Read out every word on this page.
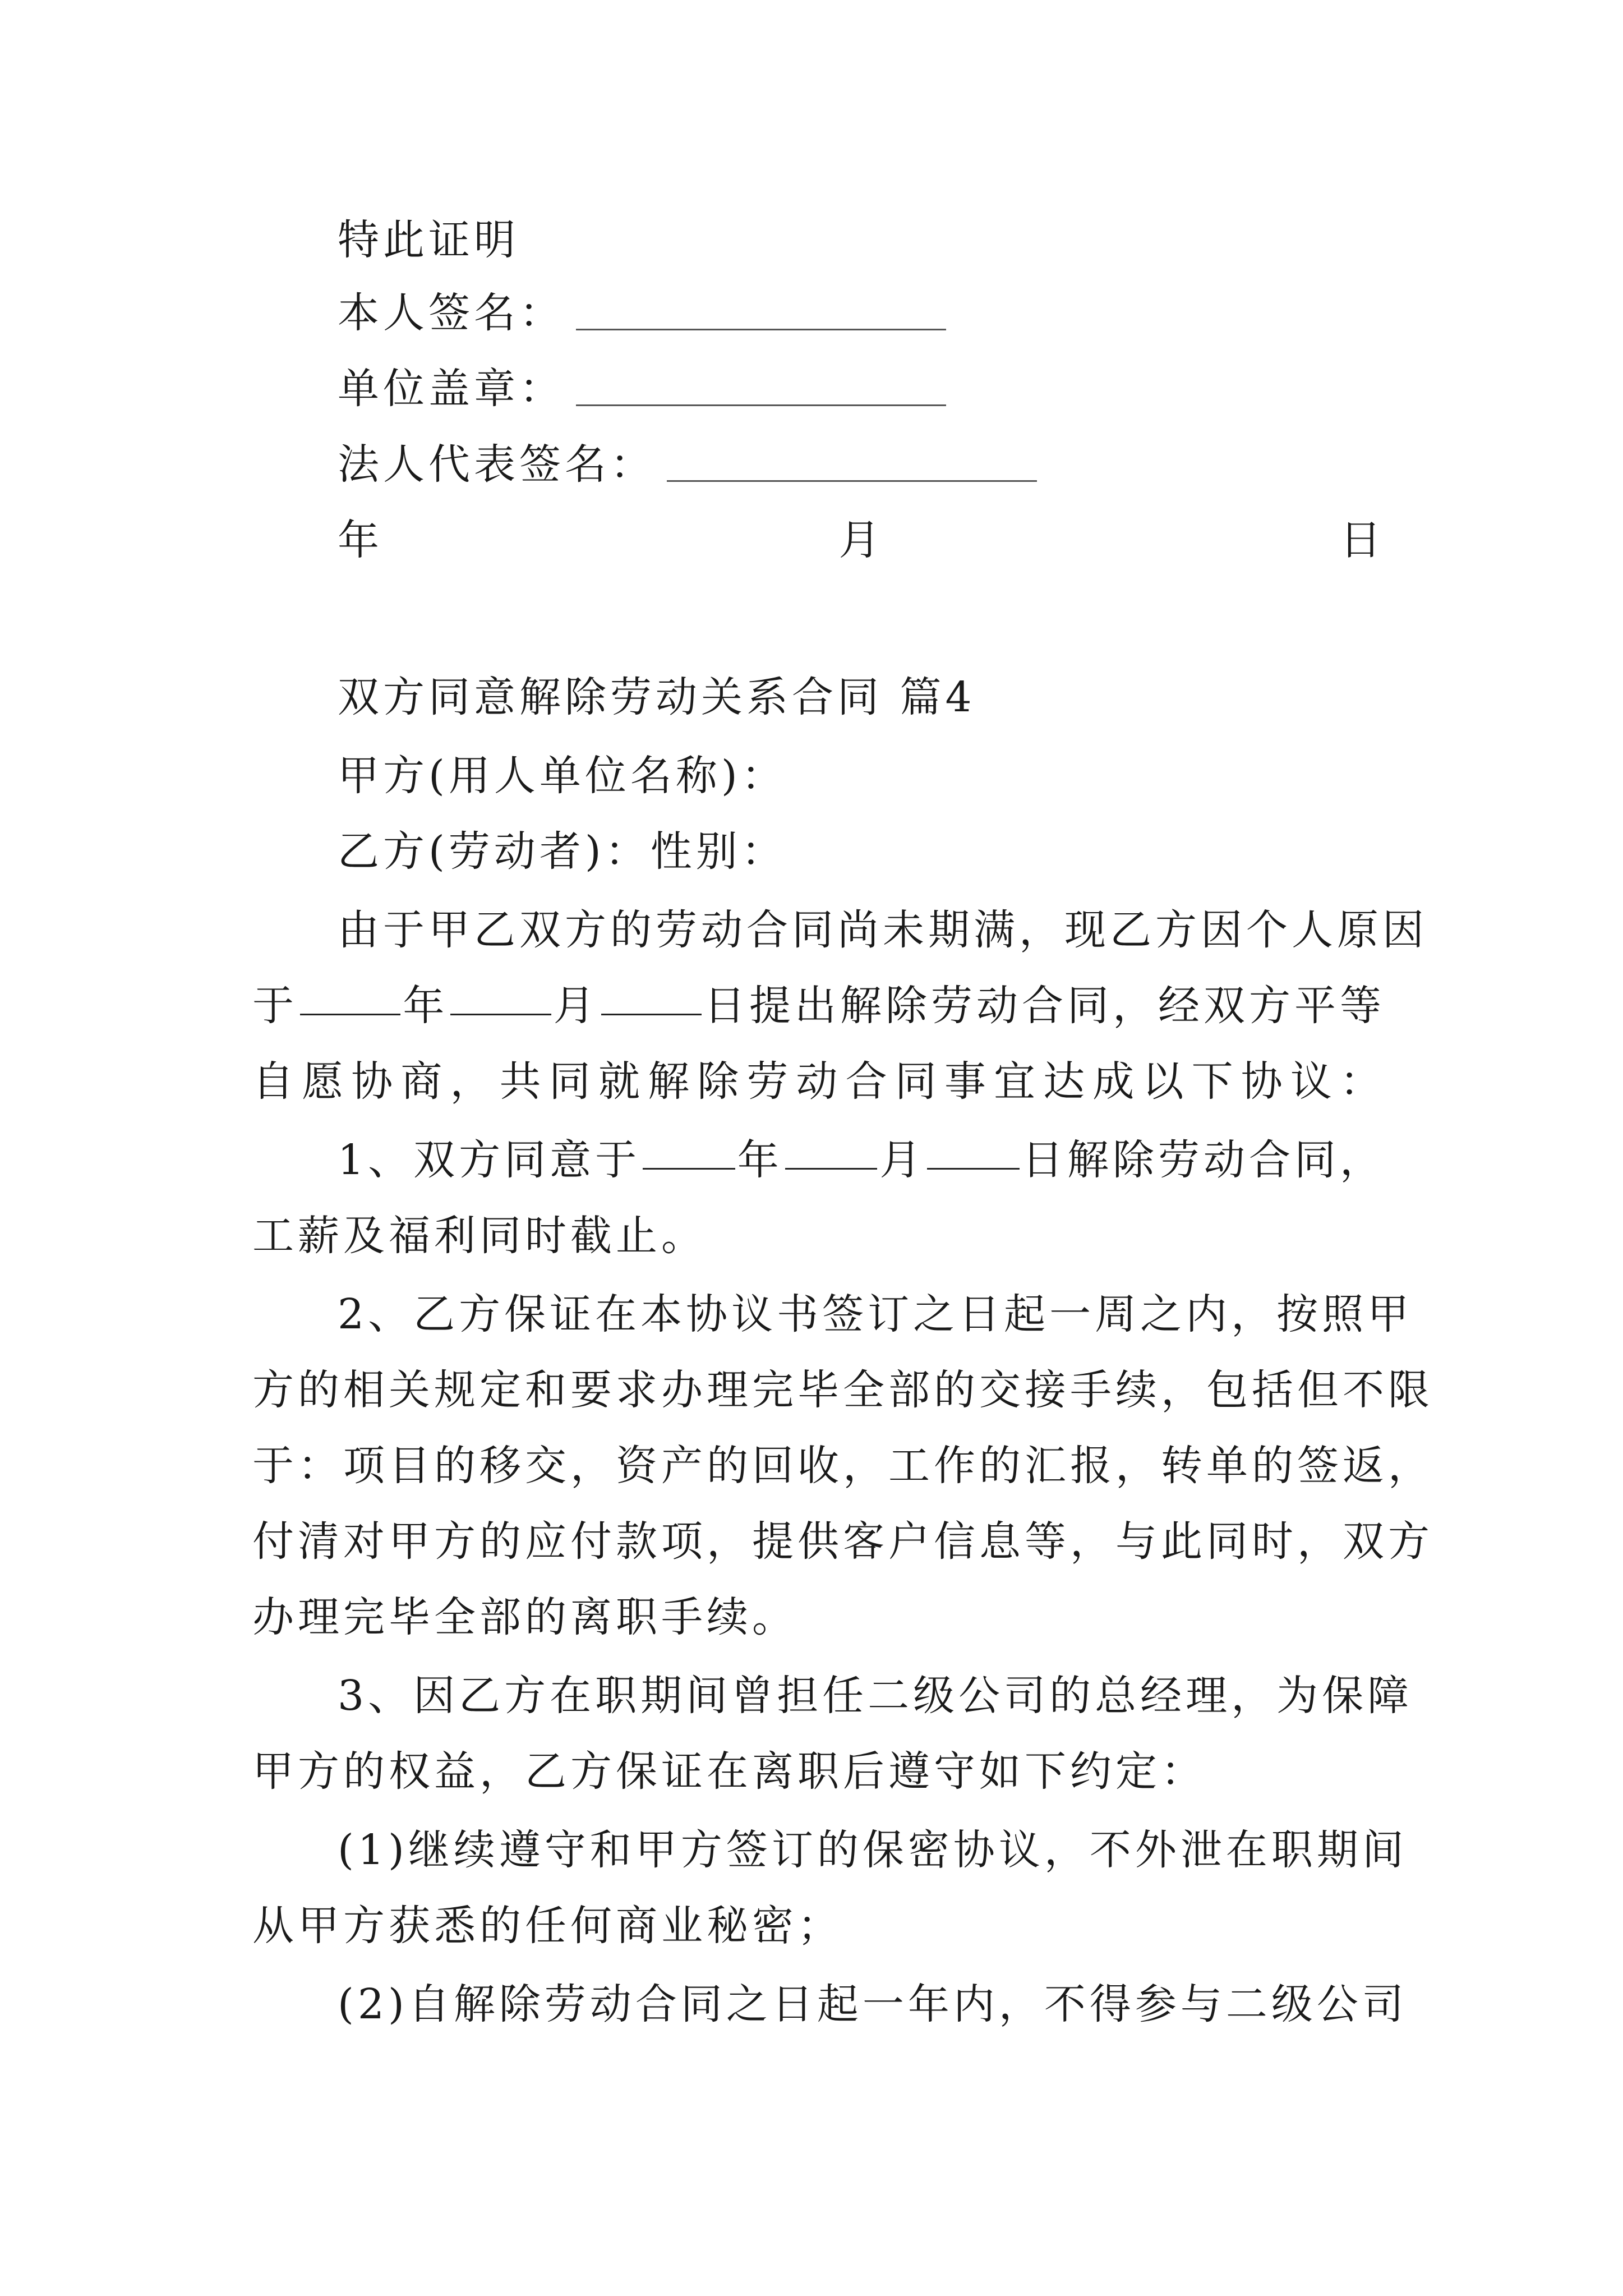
特此证明
本人签名：
单位盖章：
法人代表签名：
年	月	日
双方同意解除劳动关系合同 篇4
甲方(用人单位名称)：
乙方(劳动者)：性别：
由于甲乙双方的劳动合同尚未期满，现乙方因个人原因
于	年	月	日提出解除劳动合同，经双方平等
自愿协商，共同就解除劳动合同事宜达成以下协议：
1、双方同意于 年 月 日解除劳动合同，
工薪及福利同时截止。
2、乙方保证在本协议书签订之日起一周之内，按照甲
方的相关规定和要求办理完毕全部的交接手续，包括但不限
于：项目的移交，资产的回收，工作的汇报，转单的签返，
付清对甲方的应付款项，提供客户信息等，与此同时，双方
办理完毕全部的离职手续。
3、因乙方在职期间曾担任二级公司的总经理，为保障
甲方的权益，乙方保证在离职后遵守如下约定：
(1)继续遵守和甲方签订的保密协议，不外泄在职期间
从甲方获悉的任何商业秘密；
(2)自解除劳动合同之日起一年内，不得参与二级公司
